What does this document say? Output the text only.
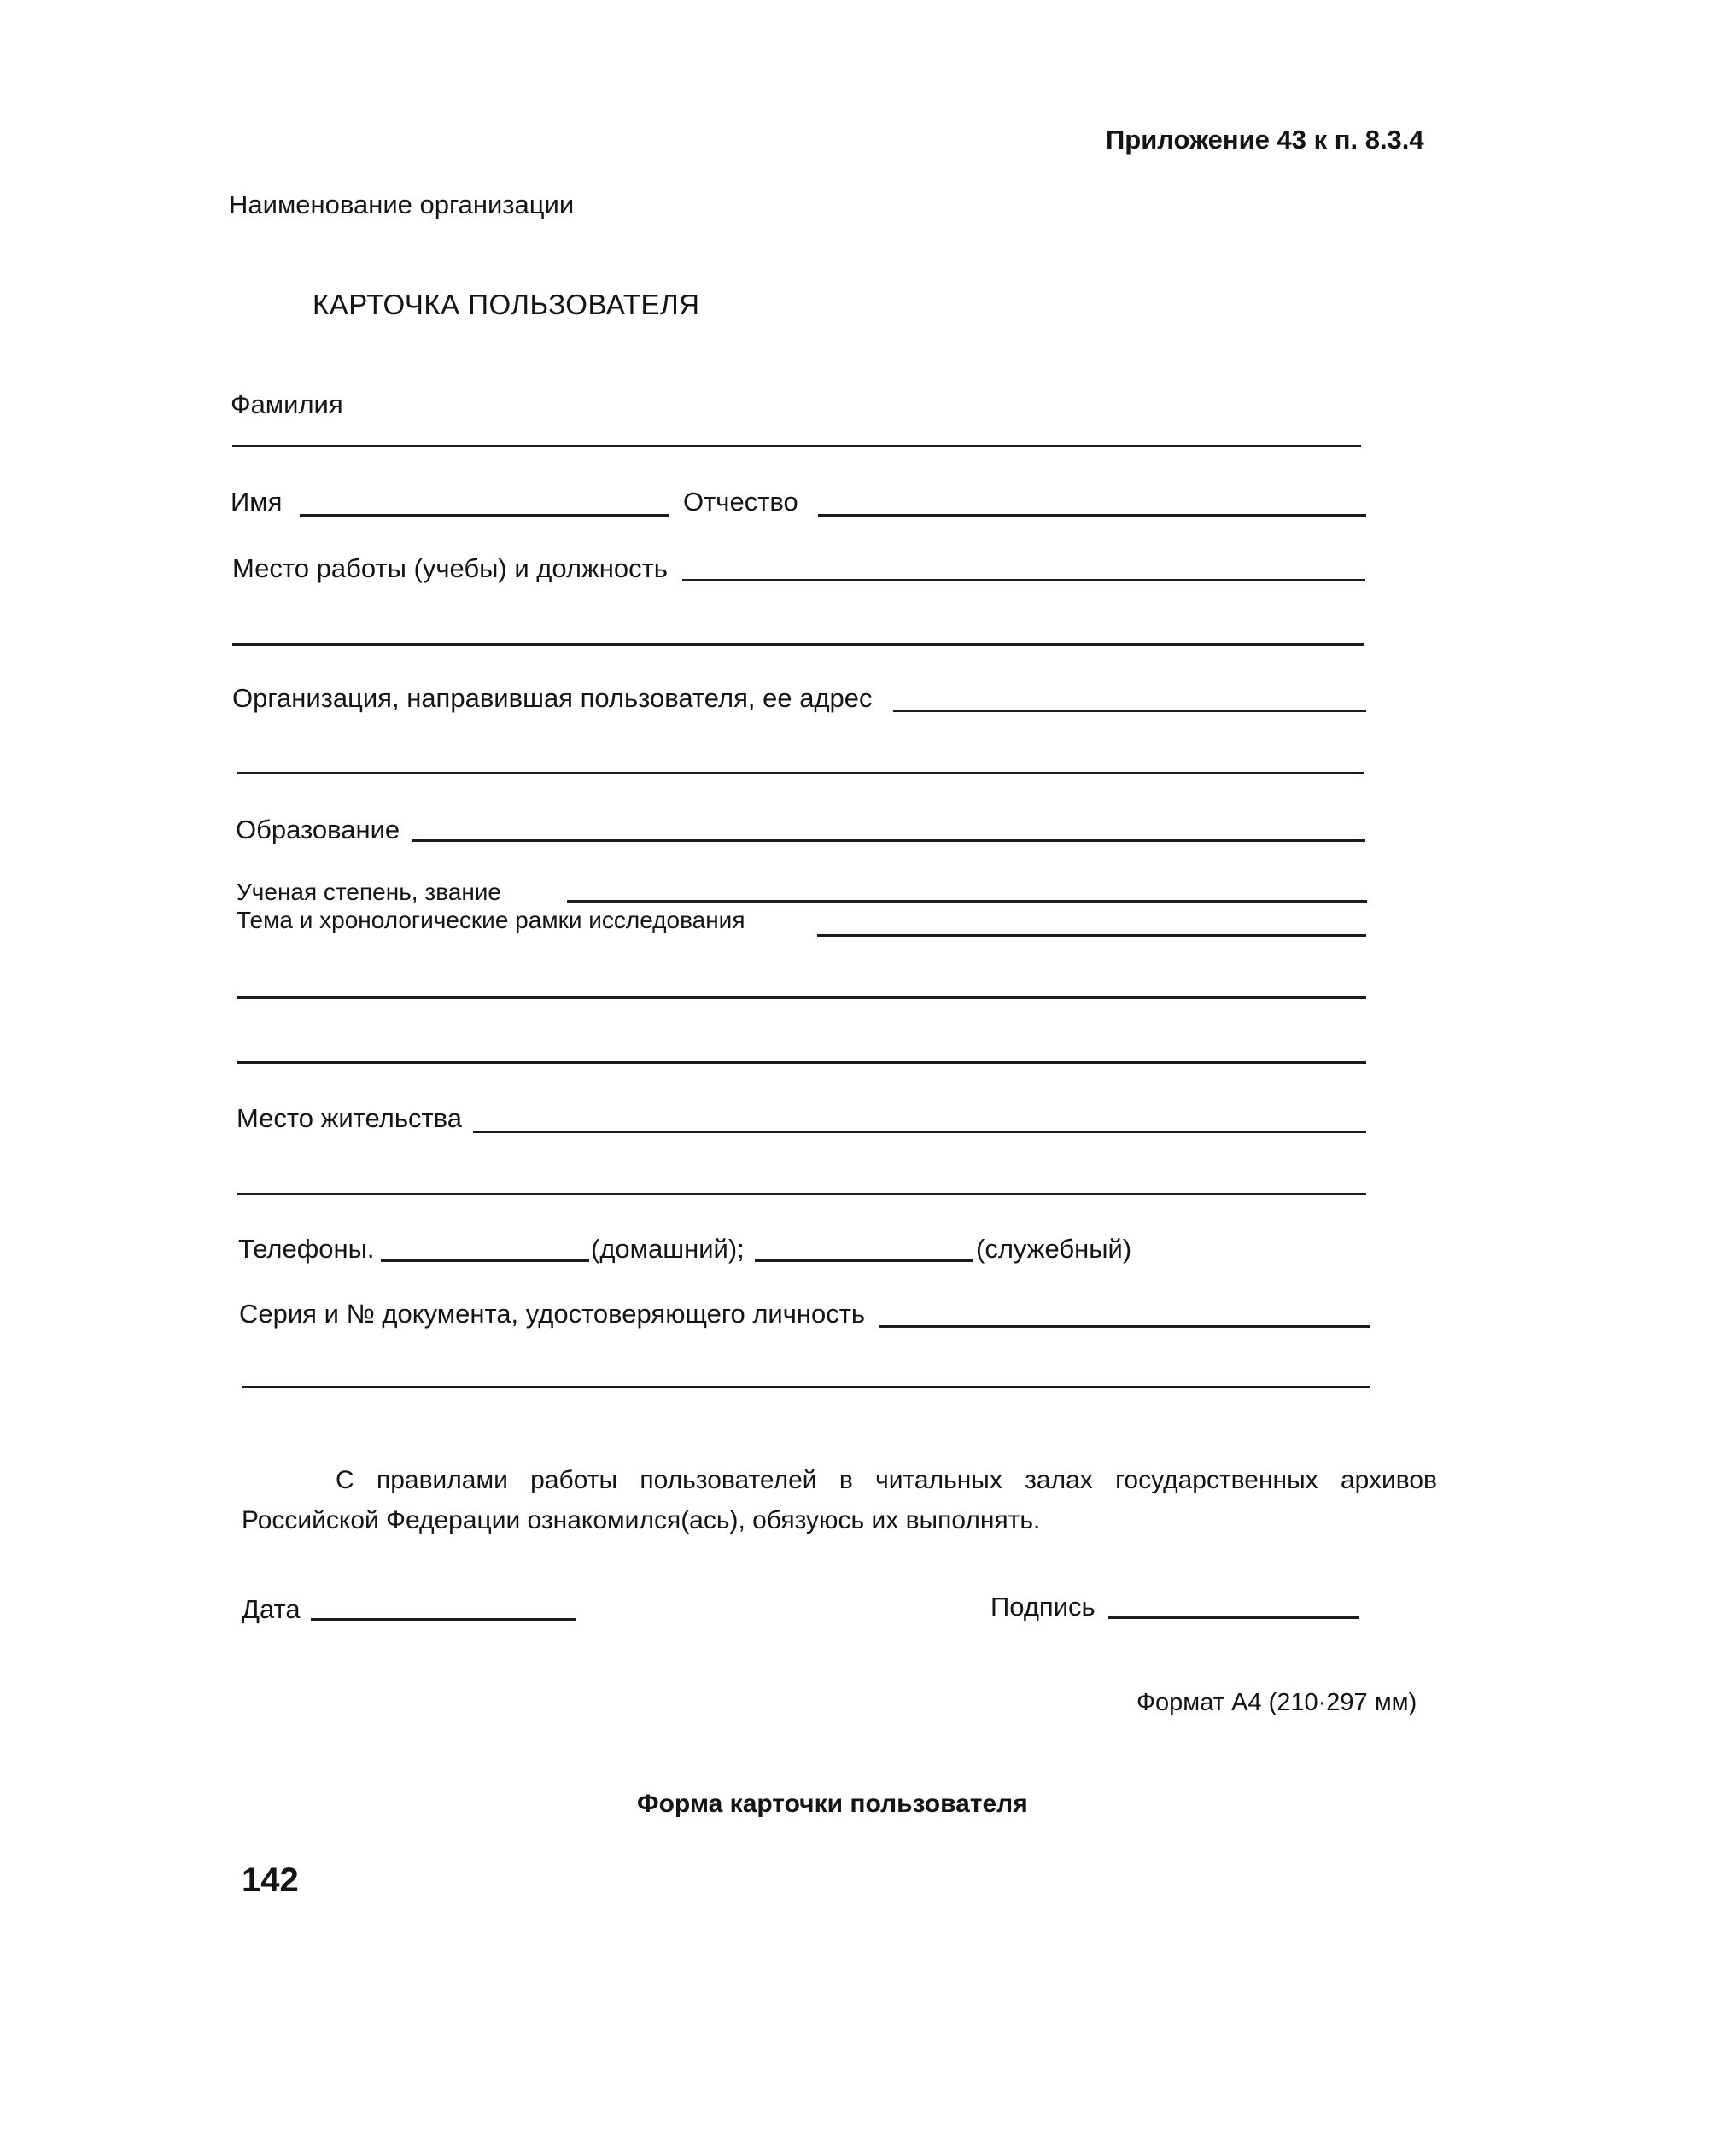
Приложение 43 к п. 8.3.4
Наименование организации
КАРТОЧКА ПОЛЬЗОВАТЕЛЯ
Фамилия
Имя	Отчество
Место работы (учебы) и должность
Организация, направившая пользователя, ее адрес
Образование
Ученая степень, звание
Тема и хронологические рамки исследования
Место жительства
Телефоны.	(домашний);	(служебный)
Серия и № документа, удостоверяющего личность
С правилами работы пользователей в читальных залах государственных архивов Российской Федерации ознакомился(ась), обязуюсь их выполнять.
Дата	Подпись
Формат А4 (210·297 мм)
Форма карточки пользователя
142
